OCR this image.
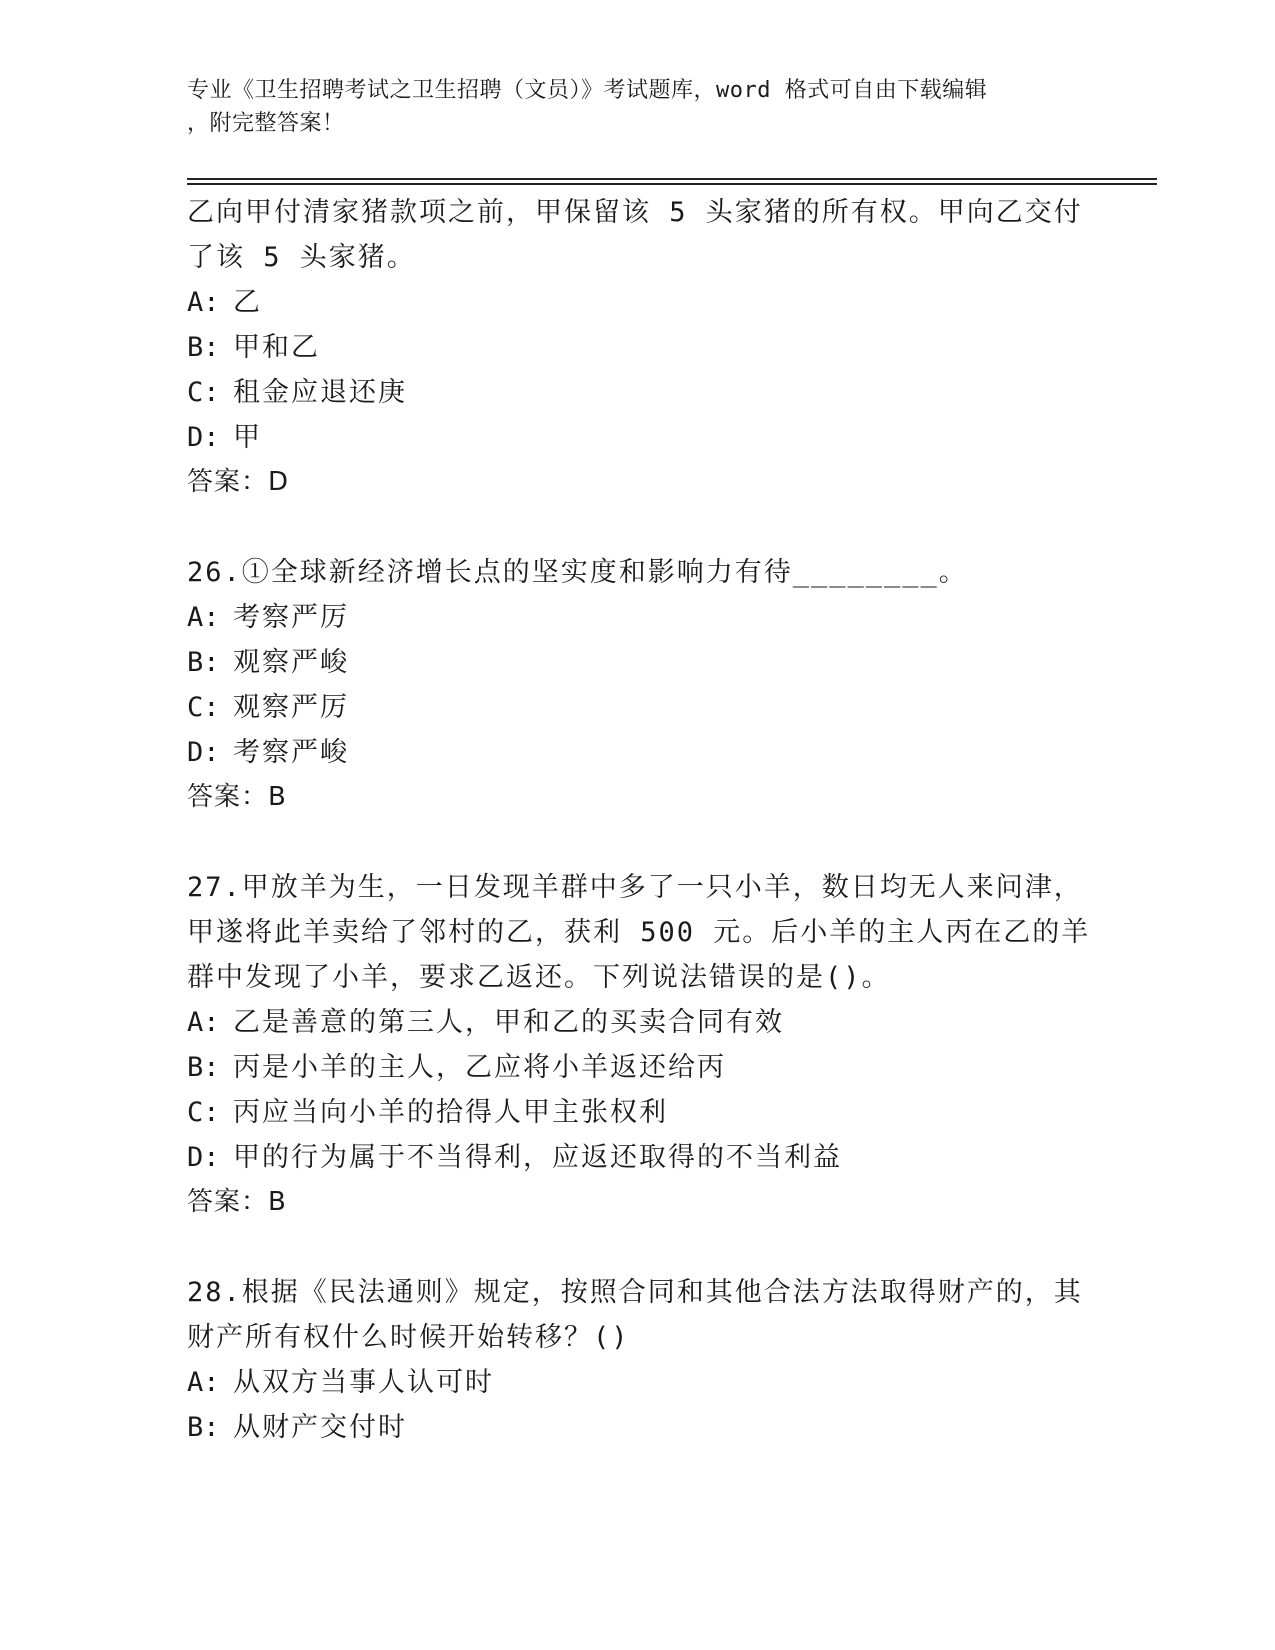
专业《卫生招聘考试之卫生招聘（文员）》考试题库，word 格式可自由下载编辑
，附完整答案！
乙向甲付清家猪款项之前，甲保留该 5 头家猪的所有权。甲向乙交付
了该 5 头家猪。
A: 乙
B: 甲和乙
C: 租金应退还庚
D: 甲
答案：D
26.①全球新经济增长点的坚实度和影响力有待________。
A: 考察严厉
B: 观察严峻
C: 观察严厉
D: 考察严峻
答案：B
27.甲放羊为生，一日发现羊群中多了一只小羊，数日均无人来问津，
甲遂将此羊卖给了邻村的乙，获利 500 元。后小羊的主人丙在乙的羊
群中发现了小羊，要求乙返还。下列说法错误的是()。
A: 乙是善意的第三人，甲和乙的买卖合同有效
B: 丙是小羊的主人，乙应将小羊返还给丙
C: 丙应当向小羊的拾得人甲主张权利
D: 甲的行为属于不当得利，应返还取得的不当利益
答案：B
28.根据《民法通则》规定，按照合同和其他合法方法取得财产的，其
财产所有权什么时候开始转移？()
A: 从双方当事人认可时
B: 从财产交付时
